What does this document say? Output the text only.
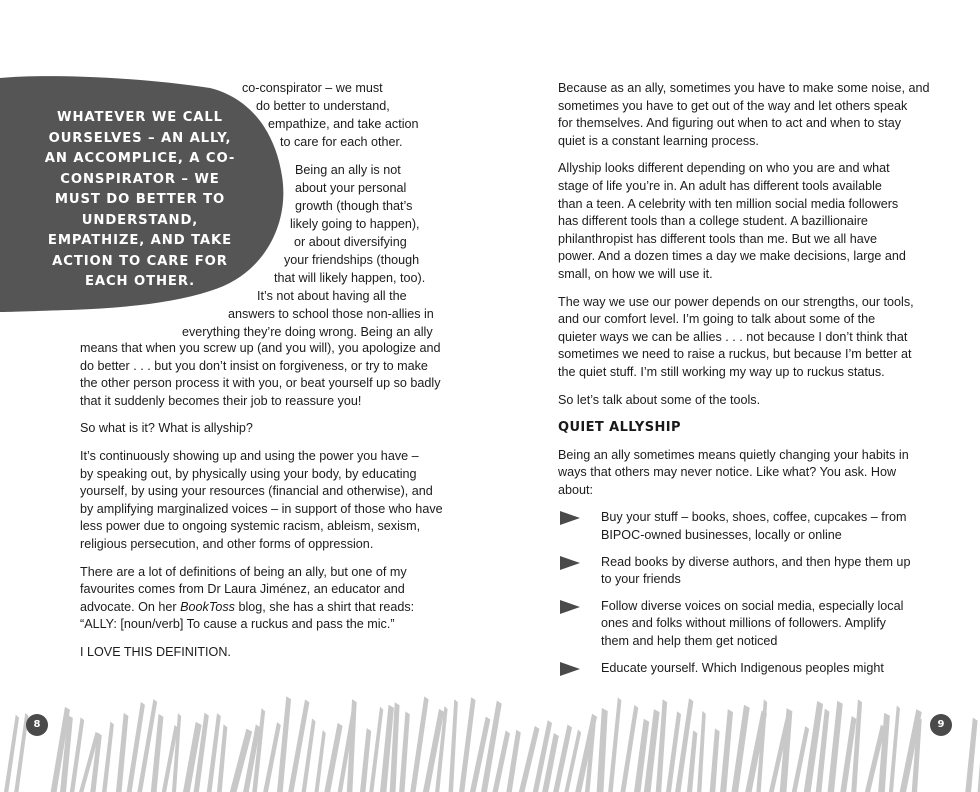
WHATEVER WE CALL OURSELVES – AN ALLY, AN ACCOMPLICE, A CO-CONSPIRATOR – WE MUST DO BETTER TO UNDERSTAND, EMPATHIZE, AND TAKE ACTION TO CARE FOR EACH OTHER.
co-conspirator – we must
do better to understand,
empathize, and take action
to care for each other.
Being an ally is not
about your personal
growth (though that’s
likely going to happen),
or about diversifying
your friendships (though
that will likely happen, too).
It’s not about having all the
answers to school those non-allies in
everything they’re doing wrong. Being an ally
means that when you screw up (and you will), you apologize and
do better . . . but you don’t insist on forgiveness, or try to make
the other person process it with you, or beat yourself up so badly
that it suddenly becomes their job to reassure you!
So what is it? What is allyship?
It’s continuously showing up and using the power you have –
by speaking out, by physically using your body, by educating
yourself, by using your resources (financial and otherwise), and
by amplifying marginalized voices – in support of those who have
less power due to ongoing systemic racism, ableism, sexism,
religious persecution, and other forms of oppression.
There are a lot of definitions of being an ally, but one of my
favourites comes from Dr Laura Jiménez, an educator and
advocate. On her BookToss blog, she has a shirt that reads:
“ALLY: [noun/verb] To cause a ruckus and pass the mic.”
I LOVE THIS DEFINITION.
Because as an ally, sometimes you have to make some noise, and
sometimes you have to get out of the way and let others speak
for themselves. And figuring out when to act and when to stay
quiet is a constant learning process.
Allyship looks different depending on who you are and what
stage of life you’re in. An adult has different tools available
than a teen. A celebrity with ten million social media followers
has different tools than a college student. A bazillionaire
philanthropist has different tools than me. But we all have
power. And a dozen times a day we make decisions, large and
small, on how we will use it.
The way we use our power depends on our strengths, our tools,
and our comfort level. I’m going to talk about some of the
quieter ways we can be allies . . . not because I don’t think that
sometimes we need to raise a ruckus, but because I’m better at
the quiet stuff. I’m still working my way up to ruckus status.
So let’s talk about some of the tools.
QUIET ALLYSHIP
Being an ally sometimes means quietly changing your habits in
ways that others may never notice. Like what? You ask. How
about:
Buy your stuff – books, shoes, coffee, cupcakes – from
BIPOC-owned businesses, locally or online
Read books by diverse authors, and then hype them up
to your friends
Follow diverse voices on social media, especially local
ones and folks without millions of followers. Amplify
them and help them get noticed
Educate yourself. Which Indigenous peoples might
8	9
